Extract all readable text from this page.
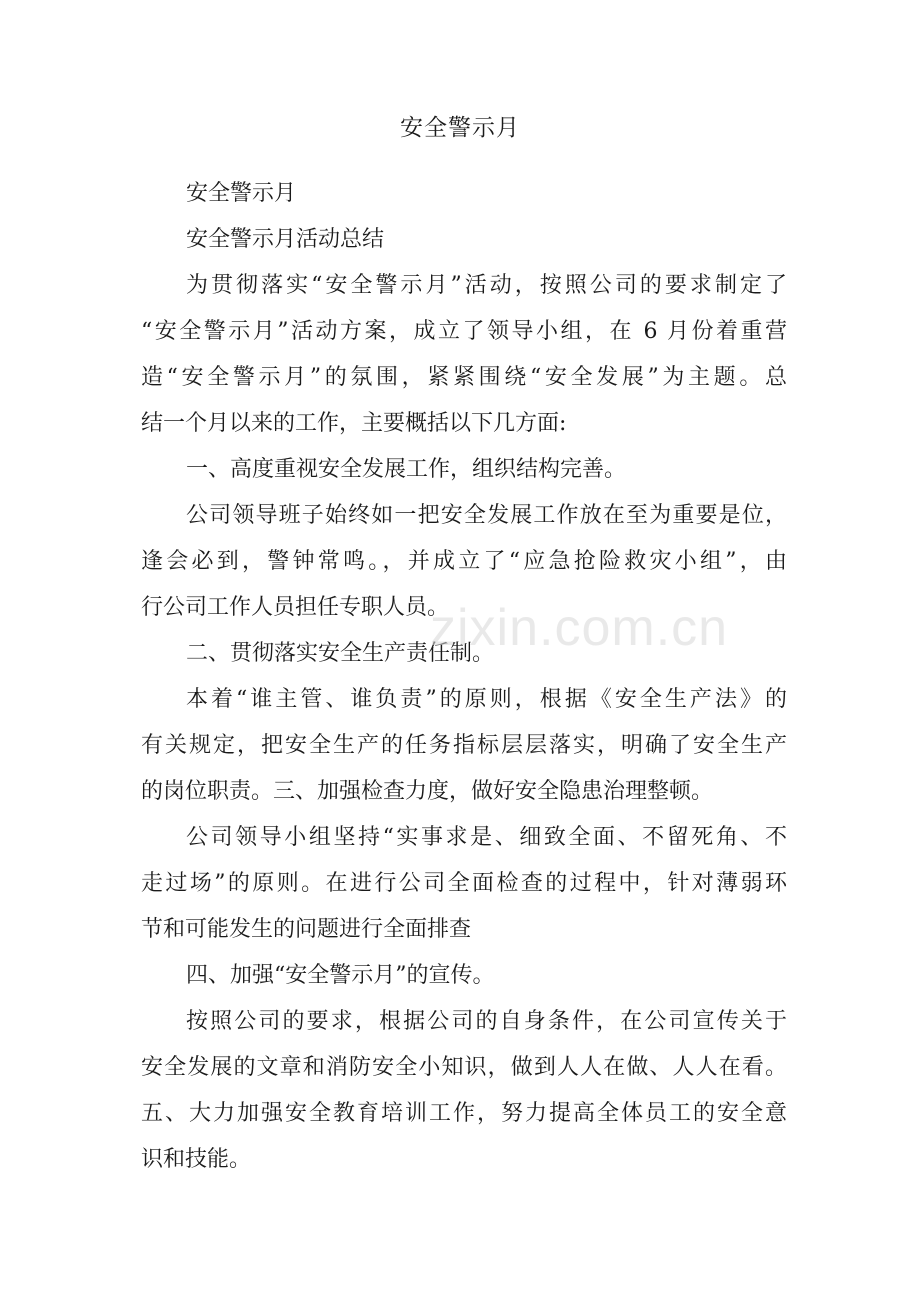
安全警示月
安全警示月
安全警示月活动总结
为贯彻落实“安全警示月”活动，按照公司的要求制定了
“安全警示月”活动方案，成立了领导小组，在 6 月份着重营
造“安全警示月”的氛围，紧紧围绕“安全发展”为主题。总
结一个月以来的工作，主要概括以下几方面:
一、高度重视安全发展工作，组织结构完善。
公司领导班子始终如一把安全发展工作放在至为重要是位，
逢会必到，警钟常鸣。，并成立了“应急抢险救灾小组”，由
行公司工作人员担任专职人员。
二、贯彻落实安全生产责任制。
本着“谁主管、谁负责”的原则，根据《安全生产法》的
有关规定，把安全生产的任务指标层层落实，明确了安全生产
的岗位职责。三、加强检查力度，做好安全隐患治理整顿。
公司领导小组坚持“实事求是、细致全面、不留死角、不
走过场”的原则。在进行公司全面检查的过程中，针对薄弱环
节和可能发生的问题进行全面排查
四、加强“安全警示月”的宣传。
按照公司的要求，根据公司的自身条件，在公司宣传关于
安全发展的文章和消防安全小知识，做到人人在做、人人在看。
五、大力加强安全教育培训工作，努力提高全体员工的安全意
识和技能。
zixin.com.cn
